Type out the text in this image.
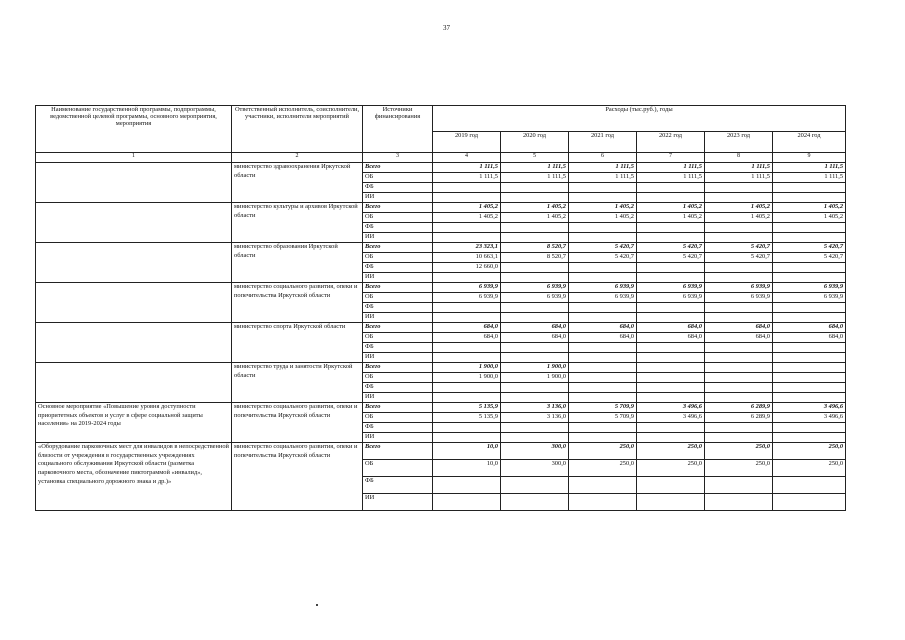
37
Наименование государственной программы, подпрограммы, ведомственной целевой программы, основного мероприятия, мероприятия	Ответственный исполнитель, соисполнители, участники, исполнители мероприятий	Источники финансирования	Расходы (тыс.руб.), годы					
			2019 год	2020 год	2021 год	2022 год	2023 год	2024 год
1	2	3	4	5	6	7	8	9
	министерство здравоохранения Иркутской области	Всего	1 111,5	1 111,5	1 111,5	1 111,5	1 111,5	1 111,5
		ОБ	1 111,5	1 111,5	1 111,5	1 111,5	1 111,5	1 111,5
		ФБ						
		ИИ						
	министерство культуры и архивов Иркутской области	Всего	1 405,2	1 405,2	1 405,2	1 405,2	1 405,2	1 405,2
		ОБ	1 405,2	1 405,2	1 405,2	1 405,2	1 405,2	1 405,2
		ФБ						
		ИИ						
	министерство образования Иркутской области	Всего	23 323,1	8 520,7	5 420,7	5 420,7	5 420,7	5 420,7
		ОБ	10 663,1	8 520,7	5 420,7	5 420,7	5 420,7	5 420,7
		ФБ	12 660,0					
		ИИ						
	министерство социального развития, опеки и попечительства Иркутской области	Всего	6 939,9	6 939,9	6 939,9	6 939,9	6 939,9	6 939,9
		ОБ	6 939,9	6 939,9	6 939,9	6 939,9	6 939,9	6 939,9
		ФБ						
		ИИ						
	министерство спорта Иркутской области	Всего	684,0	684,0	684,0	684,0	684,0	684,0
		ОБ	684,0	684,0	684,0	684,0	684,0	684,0
		ФБ						
		ИИ						
	министерство труда и занятости Иркутской области	Всего	1 900,0	1 900,0				
		ОБ	1 900,0	1 900,0				
		ФБ						
		ИИ						
Основное мероприятие «Повышение уровня доступности приоритетных объектов и услуг в сфере социальной защиты населения» на 2019-2024 годы	министерство социального развития, опеки и попечительства Иркутской области	Всего	5 135,9	3 136,0	5 709,9	3 496,6	6 289,9	3 496,6
		ОБ	5 135,9	3 136,0	5 709,9	3 496,6	6 289,9	3 496,6
		ФБ						
		ИИ						
«Оборудование парковочных мест для инвалидов в непосредственной близости от учреждения в государственных учреждениях социального обслуживания Иркутской области (разметка парковочного места, обозначение пиктограммой «инвалид», установка специального дорожного знака и др.)»	министерство социального развития, опеки и попечительства Иркутской области	Всего	10,0	300,0	250,0	250,0	250,0	250,0
		ОБ	10,0	300,0	250,0	250,0	250,0	250,0
		ФБ						
		ИИ						
